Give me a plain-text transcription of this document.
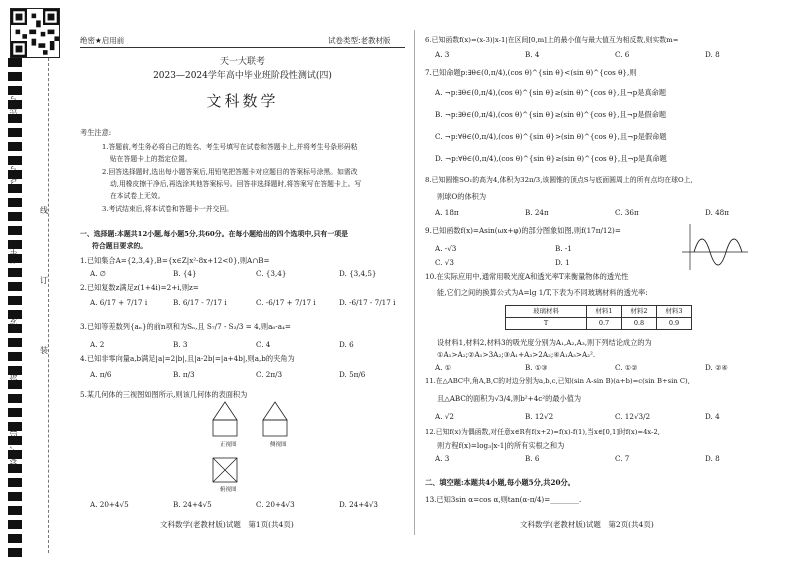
座位号
考场号
考生号
姓名
班级
县(市、区)
线
订
装
绝密★启用前	试卷类型:老教材版
天一大联考
2023—2024学年高中毕业班阶段性测试(四)
文科数学
考生注意:
1.答题前,考生务必将自己的姓名、考生号填写在试卷和答题卡上,并将考生号条形码粘
贴在答题卡上的指定位置。
2.回答选择题时,选出每小题答案后,用铅笔把答题卡对应题目的答案标号涂黑。如需改
动,用橡皮擦干净后,再选涂其他答案标号。回答非选择题时,将答案写在答题卡上。写
在本试卷上无效。
3.考试结束后,将本试卷和答题卡一并交回。
一、选择题:本题共12小题,每小题5分,共60分。在每小题给出的四个选项中,只有一项是
符合题目要求的。
1.已知集合A={2,3,4},B={x∈Z|x²-8x+12<0},则A∩B=
A. ∅	B. {4}	C. {3,4}	D. {3,4,5}
2.已知复数z满足z(1+4i)=2+i,则z=
A. 6/17 + 7/17 i	B. 6/17 - 7/17 i	C. -6/17 + 7/17 i	D. -6/17 - 7/17 i
3.已知等差数列{aₙ}的前n项和为Sₙ,且 S₇/7 - S₃/3 = 4,则a₆-a₄=
A. 2	B. 3	C. 4	D. 6
4.已知非零向量a,b满足|a|=2|b|,且|a-2b|=|a+4b|,则a,b的夹角为
A. π/6	B. π/3	C. 2π/3	D. 5π/6
5.某几何体的三视图如图所示,则该几何体的表面积为
正视图	侧视图
俯视图
A. 20+4√5	B. 24+4√5	C. 20+4√3	D. 24+4√3
文科数学(老教材版)试题　第1页(共4页)
6.已知函数f(x)=(x-3)|x-1|在区间[0,m]上的最小值与最大值互为相反数,则实数m=
A. 3	B. 4	C. 6	D. 8
7.已知命题p:∃θ∈(0,π/4),(cos θ)^{sin θ}<(sin θ)^{cos θ},则
A. ¬p:∃θ∈(0,π/4),(cos θ)^{sin θ}≥(sin θ)^{cos θ},且¬p是真命题
B. ¬p:∃θ∈(0,π/4),(cos θ)^{sin θ}≥(sin θ)^{cos θ},且¬p是假命题
C. ¬p:∀θ∈(0,π/4),(cos θ)^{sin θ}>(sin θ)^{cos θ},且¬p是假命题
D. ¬p:∀θ∈(0,π/4),(cos θ)^{sin θ}≥(sin θ)^{cos θ},且¬p是真命题
8.已知圆锥SO₁的高为4,体积为32π/3,该圆锥的顶点S与底面圆周上的所有点均在球O上,
则球O的体积为
A. 18π	B. 24π	C. 36π	D. 48π
9.已知函数f(x)=Asin(ωx+φ)的部分图象如图,则f(17π/12)=
A. -√3	B. -1
C. √3	D. 1
10.在实际应用中,通常用吸光度A和透光率T来衡量物体的透光性
能,它们之间的换算公式为A=lg 1/T,下表为不同玻璃材料的透光率:
玻璃材料	材料1	材料2	材料3
T	0.7	0.8	0.9
设材料1,材料2,材料3的吸光度分别为A₁,A₂,A₃,则下列结论成立的为
①A₁>A₂;②A₁>3A₂;③A₁+A₃>2A₂;④A₁A₃>A₂².
A. ①	B. ①③	C. ①②	D. ②④
11.在△ABC中,角A,B,C的对边分别为a,b,c,已知(sin A-sin B)(a+b)=c(sin B+sin C),
且△ABC的面积为√3/4,则b²+4c²的最小值为
A. √2	B. 12√2	C. 12√3/2	D. 4
12.已知f(x)为偶函数,对任意x∈R有f(x+2)=f(x)-f(1),当x∈[0,1]时f(x)=4x-2,
则方程f(x)=log₃|x-1|的所有实根之和为
A. 3	B. 6	C. 7	D. 8
二、填空题:本题共4小题,每小题5分,共20分。
13.已知3sin α=cos α,则tan(α-π/4)=________.
文科数学(老教材版)试题　第2页(共4页)
